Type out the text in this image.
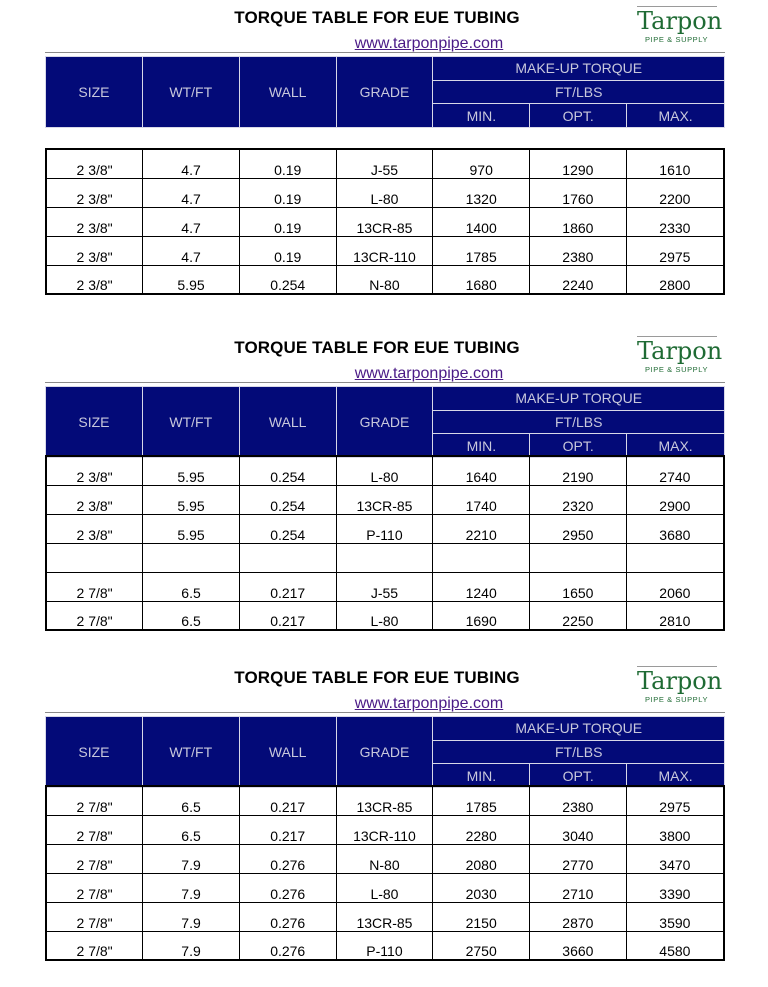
TORQUE TABLE FOR EUE TUBING
www.tarponpipe.com
Tarpon
PIPE & SUPPLY
SIZE	WT/FT	WALL	GRADE	MAKE-UP TORQUE		
				FT/LBS		
				MIN.	OPT.	MAX.
2 3/8"	4.7	0.19	J-55	970	1290	1610
2 3/8"	4.7	0.19	L-80	1320	1760	2200
2 3/8"	4.7	0.19	13CR-85	1400	1860	2330
2 3/8"	4.7	0.19	13CR-110	1785	2380	2975
2 3/8"	5.95	0.254	N-80	1680	2240	2800
TORQUE TABLE FOR EUE TUBING
www.tarponpipe.com
Tarpon
PIPE & SUPPLY
SIZE	WT/FT	WALL	GRADE	MAKE-UP TORQUE		
				FT/LBS		
				MIN.	OPT.	MAX.
2 3/8"	5.95	0.254	L-80	1640	2190	2740
2 3/8"	5.95	0.254	13CR-85	1740	2320	2900
2 3/8"	5.95	0.254	P-110	2210	2950	3680

2 7/8"	6.5	0.217	J-55	1240	1650	2060
2 7/8"	6.5	0.217	L-80	1690	2250	2810
TORQUE TABLE FOR EUE TUBING
www.tarponpipe.com
Tarpon
PIPE & SUPPLY
SIZE	WT/FT	WALL	GRADE	MAKE-UP TORQUE		
				FT/LBS		
				MIN.	OPT.	MAX.
2 7/8"	6.5	0.217	13CR-85	1785	2380	2975
2 7/8"	6.5	0.217	13CR-110	2280	3040	3800
2 7/8"	7.9	0.276	N-80	2080	2770	3470
2 7/8"	7.9	0.276	L-80	2030	2710	3390
2 7/8"	7.9	0.276	13CR-85	2150	2870	3590
2 7/8"	7.9	0.276	P-110	2750	3660	4580
